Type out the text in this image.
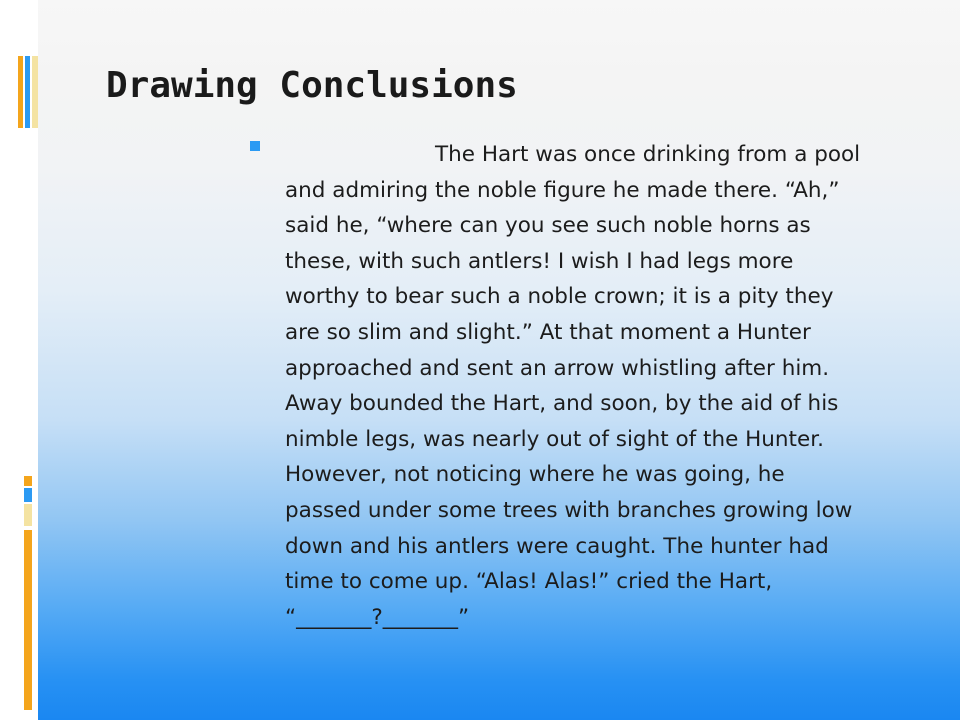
Drawing Conclusions

The Hart was once drinking from a pool
and admiring the noble figure he made there. “Ah,”
said he, “where can you see such noble horns as
these, with such antlers! I wish I had legs more
worthy to bear such a noble crown; it is a pity they
are so slim and slight.” At that moment a Hunter
approached and sent an arrow whistling after him.
Away bounded the Hart, and soon, by the aid of his
nimble legs, was nearly out of sight of the Hunter.
However, not noticing where he was going, he
passed under some trees with branches growing low
down and his antlers were caught. The hunter had
time to come up. “Alas! Alas!” cried the Hart,
“_______?_______”
